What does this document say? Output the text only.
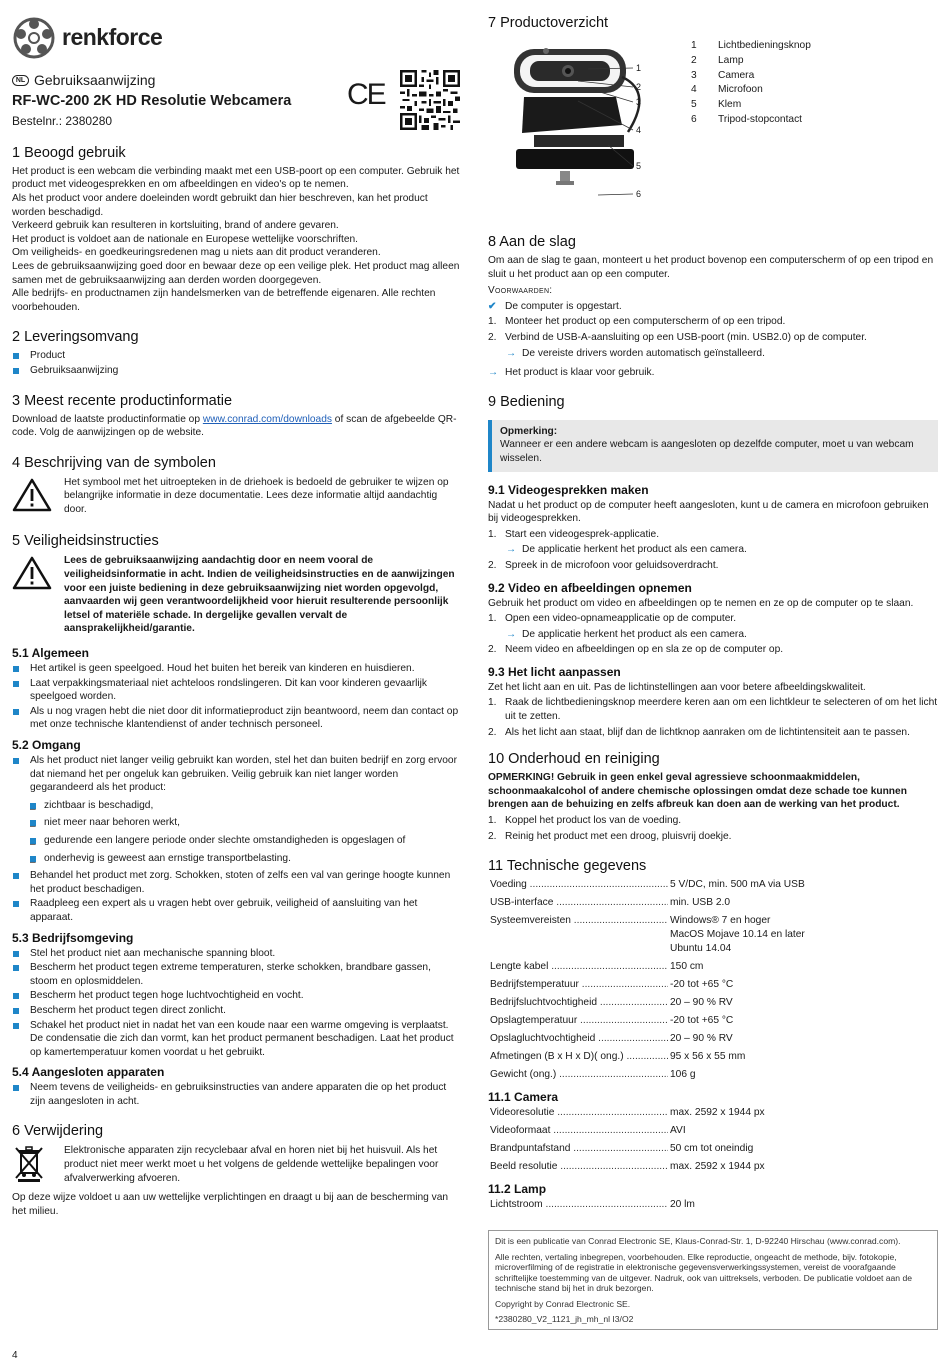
renkforce
NL Gebruiksaanwijzing
RF-WC-200 2K HD Resolutie Webcamera
Bestelnr.: 2380280
CE
1 Beoogd gebruik

Het product is een webcam die verbinding maakt met een USB-poort op een computer. Gebruik het product met videogesprekken en om afbeeldingen en video's op te nemen.

Als het product voor andere doeleinden wordt gebruikt dan hier beschreven, kan het product worden beschadigd.

Verkeerd gebruik kan resulteren in kortsluiting, brand of andere gevaren.

Het product is voldoet aan de nationale en Europese wettelijke voorschriften.

Om veiligheids- en goedkeuringsredenen mag u niets aan dit product veranderen.

Lees de gebruiksaanwijzing goed door en bewaar deze op een veilige plek. Het product mag alleen samen met de gebruiksaanwijzing aan derden worden doorgegeven.

Alle bedrijfs- en productnamen zijn handelsmerken van de betreffende eigenaren. Alle rechten voorbehouden.

2 Leveringsomvang
Product
Gebruiksaanwijzing
3 Meest recente productinformatie

Download de laatste productinformatie op www.conrad.com/downloads of scan de afgebeelde QR-code. Volg de aanwijzingen op de website.

4 Beschrijving van de symbolen

Het symbool met het uitroepteken in de driehoek is bedoeld de gebruiker te wijzen op belangrijke informatie in deze documentatie. Lees deze informatie altijd aandachtig door.

5 Veiligheidsinstructies

Lees de gebruiksaanwijzing aandachtig door en neem vooral de veiligheidsinformatie in acht. Indien de veiligheidsinstructies en de aanwijzingen voor een juiste bediening in deze gebruiksaanwijzing niet worden opgevolgd, aanvaarden wij geen verantwoordelijkheid voor hieruit resulterende persoonlijk letsel of materiële schade. In dergelijke gevallen vervalt de aansprakelijkheid/garantie.

5.1 Algemeen
Het artikel is geen speelgoed. Houd het buiten het bereik van kinderen en huisdieren.
Laat verpakkingsmateriaal niet achteloos rondslingeren. Dit kan voor kinderen gevaarlijk speelgoed worden.
Als u nog vragen hebt die niet door dit informatieproduct zijn beantwoord, neem dan contact op met onze technische klantendienst of ander technisch personeel.
5.2 Omgang
Als het product niet langer veilig gebruikt kan worden, stel het dan buiten bedrijf en zorg ervoor dat niemand het per ongeluk kan gebruiken. Veilig gebruik kan niet langer worden gegarandeerd als het product:
– zichtbaar is beschadigd,
– niet meer naar behoren werkt,
– gedurende een langere periode onder slechte omstandigheden is opgeslagen of
– onderhevig is geweest aan ernstige transportbelasting.
Behandel het product met zorg. Schokken, stoten of zelfs een val van geringe hoogte kunnen het product beschadigen.
Raadpleeg een expert als u vragen hebt over gebruik, veiligheid of aansluiting van het apparaat.
5.3 Bedrijfsomgeving
Stel het product niet aan mechanische spanning bloot.
Bescherm het product tegen extreme temperaturen, sterke schokken, brandbare gassen, stoom en oplosmiddelen.
Bescherm het product tegen hoge luchtvochtigheid en vocht.
Bescherm het product tegen direct zonlicht.
Schakel het product niet in nadat het van een koude naar een warme omgeving is verplaatst. De condensatie die zich dan vormt, kan het product permanent beschadigen. Laat het product op kamertemperatuur komen voordat u het gebruikt.
5.4 Aangesloten apparaten
Neem tevens de veiligheids- en gebruiksinstructies van andere apparaten die op het product zijn aangesloten in acht.
6 Verwijdering

Elektronische apparaten zijn recyclebaar afval en horen niet bij het huisvuil. Als het product niet meer werkt moet u het volgens de geldende wettelijke bepalingen voor afvalverwerking afvoeren.

Op deze wijze voldoet u aan uw wettelijke verplichtingen en draagt u bij aan de bescherming van het milieu.

7 Productoverzicht
1
2
3
4
5
6
1	Lichtbedieningsknop
2	Lamp
3	Camera
4	Microfoon
5	Klem
6	Tripod-stopcontact
8 Aan de slag

Om aan de slag te gaan, monteert u het product bovenop een computerscherm of op een tripod en sluit u het product aan op een computer.

Voorwaarden:

✔ De computer is opgestart.
1. Monteer het product op een computerscherm of op een tripod.
2. Verbind de USB-A-aansluiting op een USB-poort (min. USB2.0) op de computer.
→ De vereiste drivers worden automatisch geïnstalleerd.
→ Het product is klaar voor gebruik.
9 Bediening
Opmerking:
Wanneer er een andere webcam is aangesloten op dezelfde computer, moet u van webcam wisselen.
9.1 Videogesprekken maken

Nadat u het product op de computer heeft aangesloten, kunt u de camera en microfoon gebruiken bij videogesprekken.

1. Start een videogesprek-applicatie.
→ De applicatie herkent het product als een camera.
2. Spreek in de microfoon voor geluidsoverdracht.
9.2 Video en afbeeldingen opnemen

Gebruik het product om video en afbeeldingen op te nemen en ze op de computer op te slaan.

1. Open een video-opnameapplicatie op de computer.
→ De applicatie herkent het product als een camera.
2. Neem video en afbeeldingen op en sla ze op de computer op.
9.3 Het licht aanpassen

Zet het licht aan en uit. Pas de lichtinstellingen aan voor betere afbeeldingskwaliteit.

1. Raak de lichtbedieningsknop meerdere keren aan om een lichtkleur te selecteren of om het licht uit te zetten.
2. Als het licht aan staat, blijf dan de lichtknop aanraken om de lichtintensiteit aan te passen.
10 Onderhoud en reiniging

OPMERKING! Gebruik in geen enkel geval agressieve schoonmaakmiddelen, schoonmaakalcohol of andere chemische oplossingen omdat deze schade toe kunnen brengen aan de behuizing en zelfs afbreuk kan doen aan de werking van het product.

1. Koppel het product los van de voeding.
2. Reinig het product met een droog, pluisvrij doekje.
11 Technische gegevens
Voeding .....	5 V/DC, min. 500 mA via USB
USB-interface .....	min. USB 2.0
Systeemvereisten .....	Windows® 7 en hoger
MacOS Mojave 10.14 en later
Ubuntu 14.04
Lengte kabel .....	150 cm
Bedrijfstemperatuur .....	-20 tot +65 °C
Bedrijfsluchtvochtigheid .....	20 – 90 % RV
Opslagtemperatuur .....	-20 tot +65 °C
Opslagluchtvochtigheid .....	20 – 90 % RV
Afmetingen (B x H x D)( ong.) .....	95 x 56 x 55 mm
Gewicht (ong.) .....	106 g
11.1 Camera
Videoresolutie .....	max. 2592 x 1944 px
Videoformaat .....	AVI
Brandpuntafstand .....	50 cm tot oneindig
Beeld resolutie .....	max. 2592 x 1944 px
11.2 Lamp
Lichtstroom .....	20 lm

Dit is een publicatie van Conrad Electronic SE, Klaus-Conrad-Str. 1, D-92240 Hirschau (www.conrad.com).

Alle rechten, vertaling inbegrepen, voorbehouden. Elke reproductie, ongeacht de methode, bijv. fotokopie, microverfilming of de registratie in elektronische gegevensverwerkingssystemen, vereist de voorafgaande schriftelijke toestemming van de uitgever. Nadruk, ook van uittreksels, verboden. De publicatie voldoet aan de technische stand bij het in druk bezorgen.

Copyright by Conrad Electronic SE.

*2380280_V2_1121_jh_mh_nl I3/O2

4
